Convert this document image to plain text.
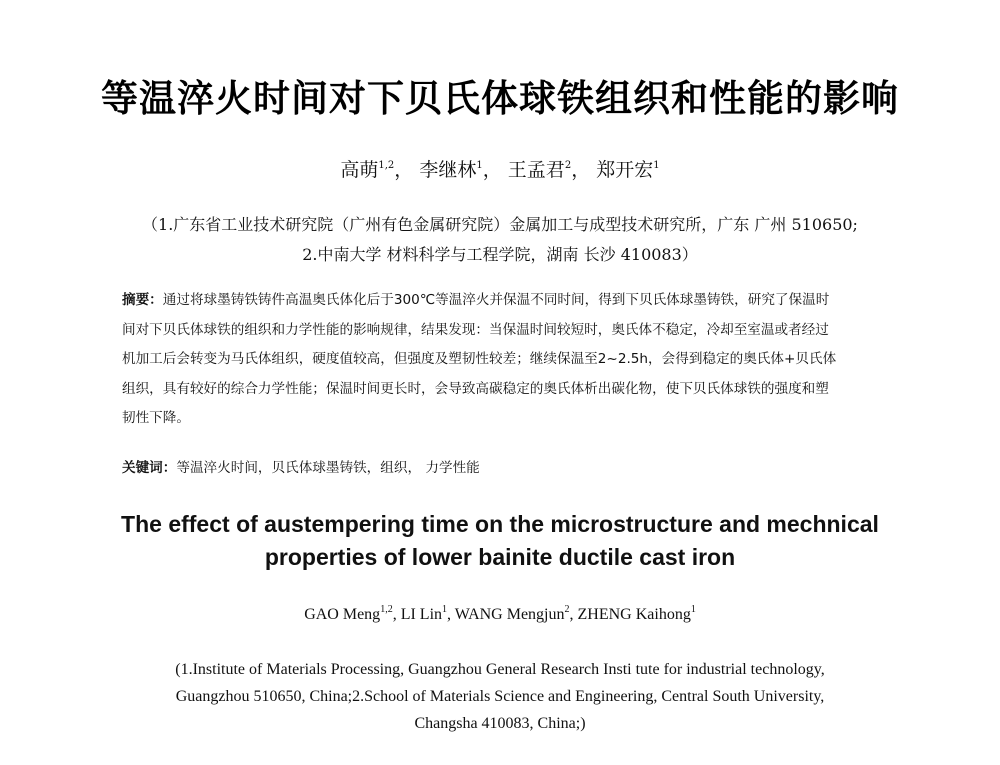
等温淬火时间对下贝氏体球铁组织和性能的影响
高萌$^{1,2}$， 李继林$^1$， 王孟君$^2$， 郑开宏$^1$
（1.广东省工业技术研究院（广州有色金属研究院）金属加工与成型技术研究所，广东 广州 510650;
2.中南大学 材料科学与工程学院，湖南 长沙 410083）
摘要：通过将球墨铸铁铸件高温奥氏体化后于300℃等温淬火并保温不同时间，得到下贝氏体球墨铸铁，研究了保温时
间对下贝氏体球铁的组织和力学性能的影响规律，结果发现：当保温时间较短时，奥氏体不稳定，冷却至室温或者经过
机加工后会转变为马氏体组织，硬度值较高，但强度及塑韧性较差；继续保温至2~2.5h，会得到稳定的奥氏体+贝氏体
组织，具有较好的综合力学性能；保温时间更长时，会导致高碳稳定的奥氏体析出碳化物，使下贝氏体球铁的强度和塑
韧性下降。
关键词：等温淬火时间，贝氏体球墨铸铁，组织， 力学性能
The effect of austempering time on the microstructure and mechnical
properties of lower bainite ductile cast iron
GAO Meng$^{1,2}$, LI Lin$^1$, WANG Mengjun$^2$, ZHENG Kaihong$^1$
(1.Institute of Materials Processing, Guangzhou General Research Insti tute for industrial technology,
Guangzhou 510650, China;2.School of Materials Science and Engineering, Central South University,
Changsha 410083, China;)
